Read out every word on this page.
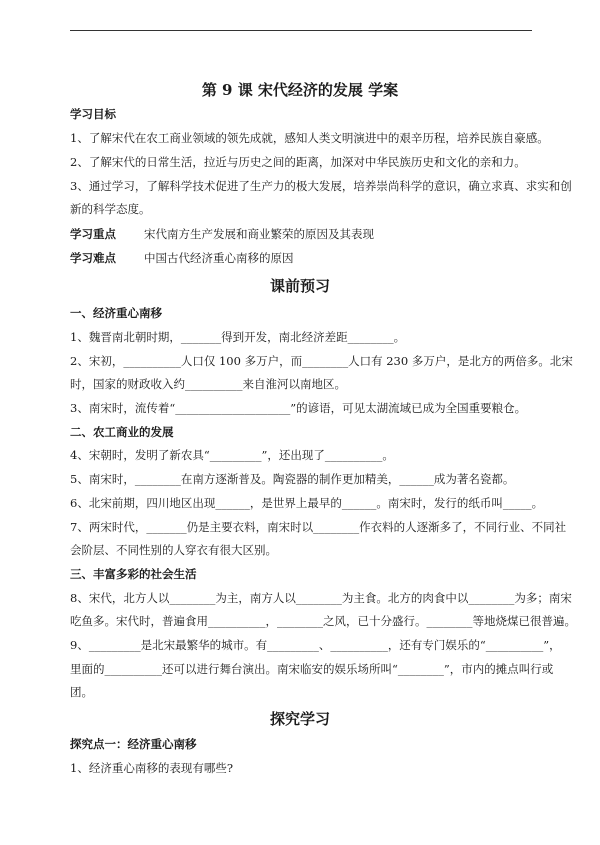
第 9 课 宋代经济的发展 学案
学习目标
1、了解宋代在农工商业领域的领先成就，感知人类文明演进中的艰辛历程，培养民族自豪感。
2、了解宋代的日常生活，拉近与历史之间的距离，加深对中华民族历史和文化的亲和力。
3、通过学习，了解科学技术促进了生产力的极大发展，培养崇尚科学的意识，确立求真、求实和创
新的科学态度。
学习重点 宋代南方生产发展和商业繁荣的原因及其表现
学习难点 中国古代经济重心南移的原因
课前预习
一、经济重心南移
1、魏晋南北朝时期，_______得到开发，南北经济差距________。
2、宋初，__________人口仅 100 多万户，而________人口有 230 多万户，是北方的两倍多。北宋
时，国家的财政收入约__________来自淮河以南地区。
3、南宋时，流传着“____________________”的谚语，可见太湖流域已成为全国重要粮仓。
二、农工商业的发展
4、宋朝时，发明了新农具“_________”，还出现了__________。
5、南宋时，________在南方逐渐普及。陶瓷器的制作更加精美，______成为著名瓷都。
6、北宋前期，四川地区出现______，是世界上最早的______。南宋时，发行的纸币叫_____。
7、两宋时代，_______仍是主要衣料，南宋时以________作衣料的人逐渐多了，不同行业、不同社
会阶层、不同性别的人穿衣有很大区别。
三、丰富多彩的社会生活
8、宋代，北方人以________为主，南方人以________为主食。北方的肉食中以________为多；南宋
吃鱼多。宋代时，普遍食用__________，________之风，已十分盛行。________等地烧煤已很普遍。
9、_________是北宋最繁华的城市。有_________、__________，还有专门娱乐的“__________”，
里面的__________还可以进行舞台演出。南宋临安的娱乐场所叫“________”，市内的摊点叫行或
团。
探究学习
探究点一：经济重心南移
1、经济重心南移的表现有哪些?
